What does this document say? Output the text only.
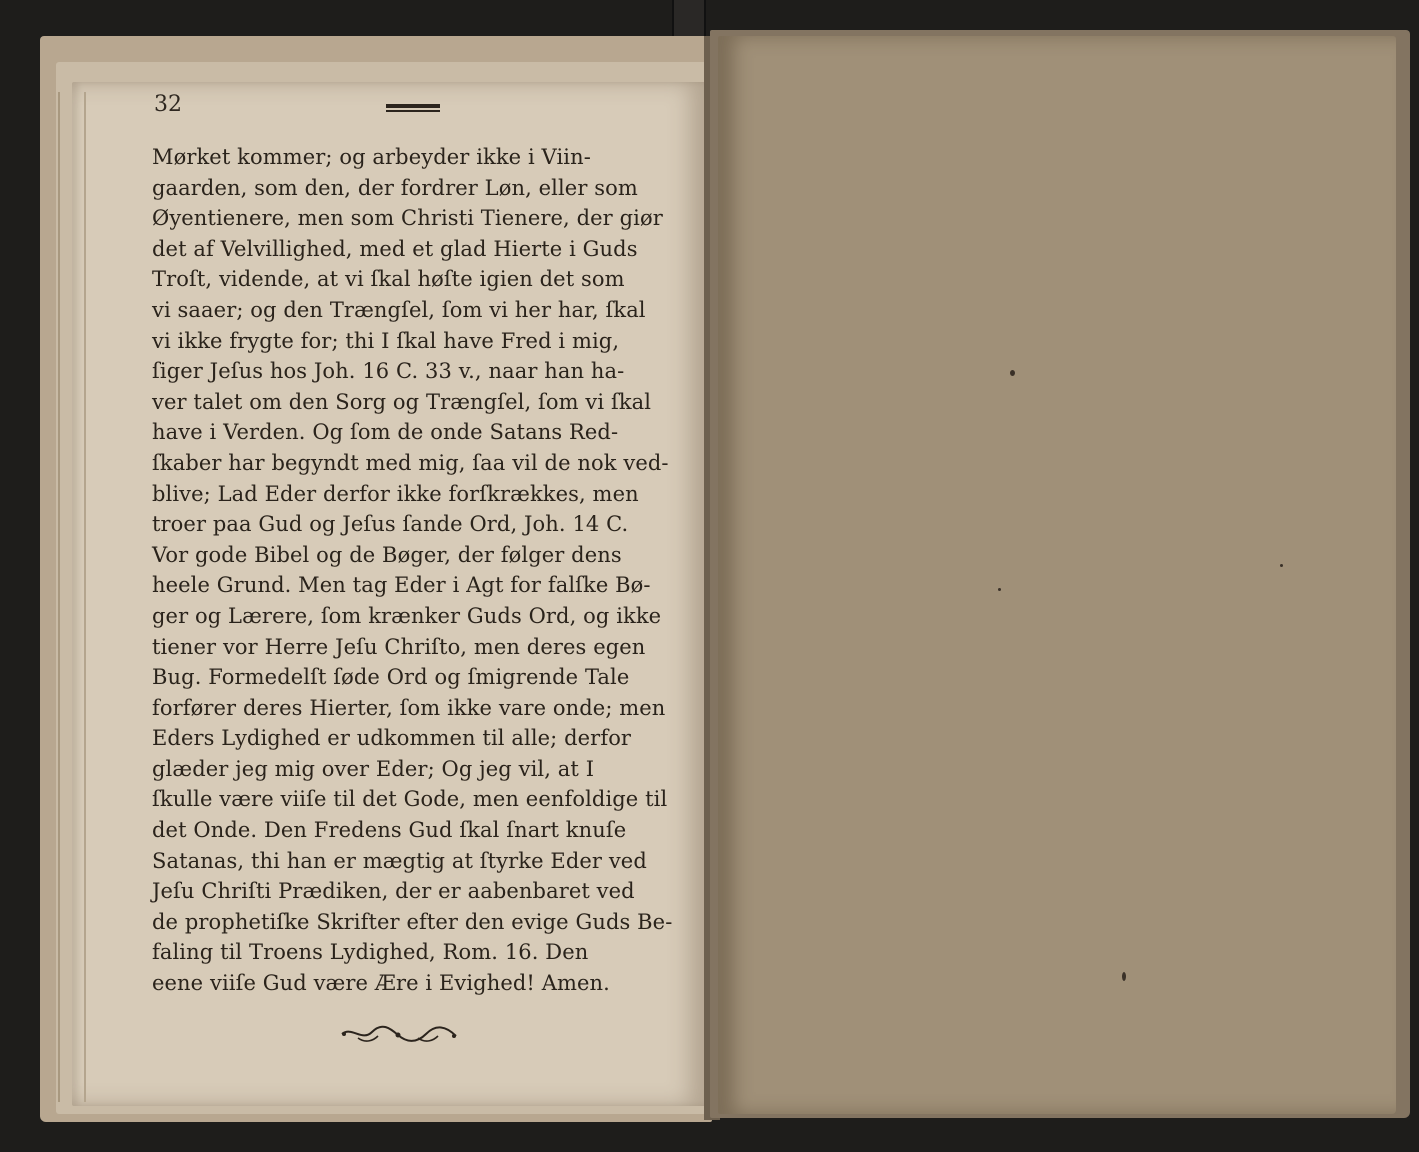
32
Mørket kommer; og arbeyder ikke i Viin-
gaarden, som den, der fordrer Løn, eller som
Øyentienere, men som Christi Tienere, der giør
det af Velvillighed, med et glad Hierte i Guds
Troſt, vidende, at vi ſkal høſte igien det som
vi saaer; og den Trængſel, ſom vi her har, ſkal
vi ikke frygte for; thi I ſkal have Fred i mig,
ſiger Jeſus hos Joh. 16 C. 33 v., naar han ha-
ver talet om den Sorg og Trængſel, ſom vi ſkal
have i Verden. Og ſom de onde Satans Red-
ſkaber har begyndt med mig, ſaa vil de nok ved-
blive; Lad Eder derfor ikke forſkrækkes, men
troer paa Gud og Jeſus ſande Ord, Joh. 14 C.
Vor gode Bibel og de Bøger, der følger dens
heele Grund. Men tag Eder i Agt for falſke Bø-
ger og Lærere, ſom krænker Guds Ord, og ikke
tiener vor Herre Jeſu Chriſto, men deres egen
Bug. Formedelſt ſøde Ord og ſmigrende Tale
forfører deres Hierter, ſom ikke vare onde; men
Eders Lydighed er udkommen til alle; derfor
glæder jeg mig over Eder; Og jeg vil, at I
ſkulle være viiſe til det Gode, men eenfoldige til
det Onde. Den Fredens Gud ſkal ſnart knuſe
Satanas, thi han er mægtig at ſtyrke Eder ved
Jeſu Chriſti Prædiken, der er aabenbaret ved
de prophetiſke Skrifter efter den evige Guds Be-
faling til Troens Lydighed, Rom. 16. Den
eene viiſe Gud være Ære i Evighed! Amen.
